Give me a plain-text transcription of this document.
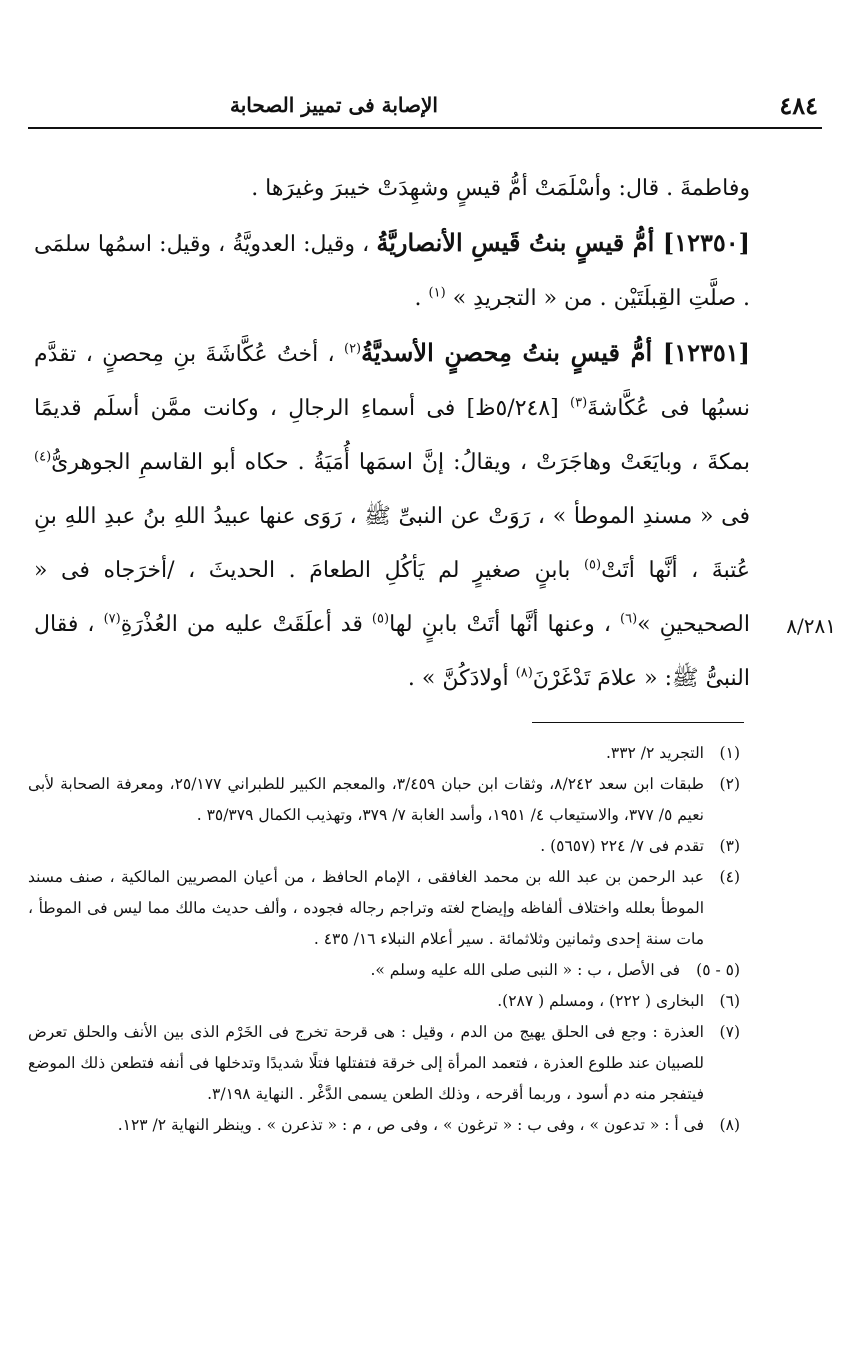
٤٨٤
الإصابة فى تمييز الصحابة

وفاطمةَ . قال: وأسْلَمَتْ أمُّ قيسٍ وشهِدَتْ خيبرَ وغيرَها .

[١٢٣٥٠] أمُّ قيسٍ بنتُ قَيسِ الأنصاريَّةُ ، وقيل: العدويَّةُ ، وقيل: اسمُها سلمَى . صلَّتِ القِبلَتَيْن . من « التجريدِ » $^{(١)}$ .

[١٢٣٥١] أمُّ قيسٍ بنتُ مِحصنٍ الأسديَّةُ$^{(٢)}$ ، أختُ عُكَّاشَةَ بنِ مِحصنٍ ، تقدَّم نسبُها فى عُكَّاشةَ$^{(٣)}$ [٥/٢٤٨ظ] فى أسماءِ الرجالِ ، وكانت ممَّن أسلَم قديمًا بمكةَ ، وبايَعَتْ وهاجَرَتْ ، ويقالُ: إنَّ اسمَها أُمَيَةُ . حكاه أبو القاسمِ الجوهرىُّ$^{(٤)}$ فى « مسندِ الموطأ » ، رَوَتْ عن النبىِّ ﷺ ، رَوَى عنها عبيدُ اللهِ بنُ عبدِ اللهِ بنِ عُتبةَ ، أنَّها أتَتْ$^{(٥)}$ بابنٍ صغيرٍ لم يَأكُلِ الطعامَ . الحديثَ ، /أخرَجاه فى « الصحيحينِ »$^{(٦)}$ ، وعنها أنَّها أتَتْ بابنٍ لها$^{(٥)}$ قد أعلَقَتْ عليه من العُذْرَةِ$^{(٧)}$ ، فقال النبىُّ ﷺ: « علامَ تَدْغَرْنَ$^{(٨)}$ أولادَكُنَّ » .

٨/٢٨١
(١)
التجريد ٢/ ٣٣٢.
(٢)
طبقات ابن سعد ٨/٢٤٢، وثقات ابن حبان ٣/٤٥٩، والمعجم الكبير للطبراني ٢٥/١٧٧، ومعرفة الصحابة لأبى نعيم ٥/ ٣٧٧، والاستيعاب ٤/ ١٩٥١، وأسد الغابة ٧/ ٣٧٩، وتهذيب الكمال ٣٥/٣٧٩ .
(٣)
تقدم فى ٧/ ٢٢٤ (٥٦٥٧) .
(٤)
عبد الرحمن بن عبد الله بن محمد الغافقى ، الإمام الحافظ ، من أعيان المصريين المالكية ، صنف مسند الموطأ بعلله واختلاف ألفاظه وإيضاح لغته وتراجم رجاله فجوده ، وألف حديث مالك مما ليس فى الموطأ ، مات سنة إحدى وثمانين وثلاثمائة . سير أعلام النبلاء ١٦/ ٤٣٥ .
(٥ - ٥)
فى الأصل ، ب : « النبى صلى الله عليه وسلم ».
(٦)
البخارى ( ٢٢٢) ، ومسلم ( ٢٨٧).
(٧)
العذرة : وجع فى الحلق يهيج من الدم ، وقيل : هى قرحة تخرج فى الخَرْم الذى بين الأنف والحلق تعرض للصبيان عند طلوع العذرة ، فتعمد المرأة إلى خرقة فتفتلها فتلًا شديدًا وتدخلها فى أنفه فتطعن ذلك الموضع فيتفجر منه دم أسود ، وربما أقرحه ، وذلك الطعن يسمى الدَّغْر . النهاية ٣/١٩٨.
(٨)
فى أ : « تدعون » ، وفى ب : « ترغون » ، وفى ص ، م : « تذعرن » . وينظر النهاية ٢/ ١٢٣.
